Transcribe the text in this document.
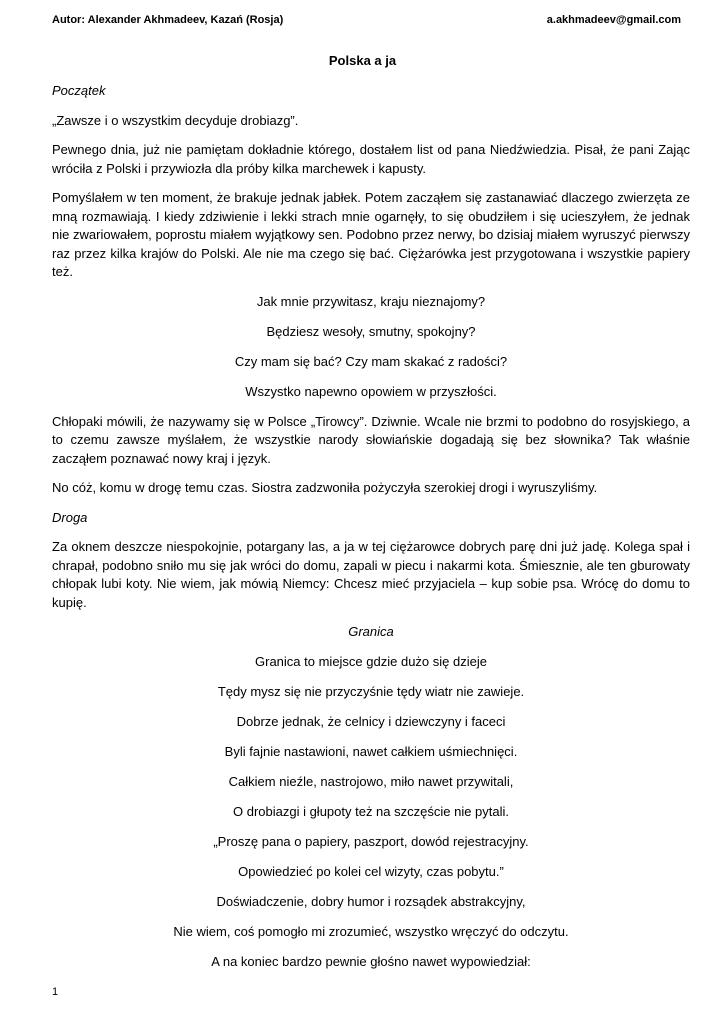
Autor: Alexander Akhmadeev, Kazań (Rosja)	a.akhmadeev@gmail.com
Polska a ja

Początek

„Zawsze i o wszystkim decyduje drobiazg”.

Pewnego dnia, już nie pamiętam dokładnie którego, dostałem list od pana Niedźwiedzia. Pisał, że pani Zając wróciła z Polski i przywiozła dla próby kilka marchewek i kapusty.

Pomyślałem w ten moment, że brakuje jednak jabłek. Potem zacząłem się zastanawiać dlaczego zwierzęta ze mną rozmawiają. I kiedy zdziwienie i lekki strach mnie ogarnęły, to się obudziłem i się ucieszyłem, że jednak nie zwariowałem, poprostu miałem wyjątkowy sen. Podobno przez nerwy, bo dzisiaj miałem wyruszyć pierwszy raz przez kilka krajów do Polski. Ale nie ma czego się bać. Ciężarówka jest przygotowana i wszystkie papiery też.

Jak mnie przywitasz, kraju nieznajomy?

Będziesz wesoły, smutny, spokojny?

Czy mam się bać? Czy mam skakać z radości?

Wszystko napewno opowiem w przyszłości.

Chłopaki mówili, że nazywamy się w Polsce „Tirowcy”. Dziwnie. Wcale nie brzmi to podobno do rosyjskiego, a to czemu zawsze myślałem, że wszystkie narody słowiańskie dogadają się bez słownika? Tak właśnie zacząłem poznawać nowy kraj i język.

No cóż, komu w drogę temu czas. Siostra zadzwoniła pożyczyła szerokiej drogi i wyruszyliśmy.

Droga

Za oknem deszcze niespokojnie, potargany las, a ja w tej ciężarowce dobrych parę dni już jadę. Kolega spał i chrapał, podobno sniło mu się jak wróci do domu, zapali w piecu i nakarmi kota. Śmiesznie, ale ten gburowaty chłopak lubi koty. Nie wiem, jak mówią Niemcy: Chcesz mieć przyjaciela – kup sobie psa. Wrócę do domu to kupię.

Granica

Granica to miejsce gdzie dużo się dzieje

Tędy mysz się nie przyczyśnie tędy wiatr nie zawieje.

Dobrze jednak, że celnicy i dziewczyny i faceci

Byli fajnie nastawioni, nawet całkiem uśmiechnięci.

Całkiem nieźle, nastrojowo, miło nawet przywitali,

O drobiazgi i głupoty też na szczęście nie pytali.

„Proszę pana o papiery, paszport, dowód rejestracyjny.

Opowiedzieć po kolei cel wizyty, czas pobytu.”

Doświadczenie, dobry humor i rozsądek abstrakcyjny,

Nie wiem, coś pomogło mi zrozumieć, wszystko wręczyć do odczytu.

A na koniec bardzo pewnie głośno nawet wypowiedział:

1
